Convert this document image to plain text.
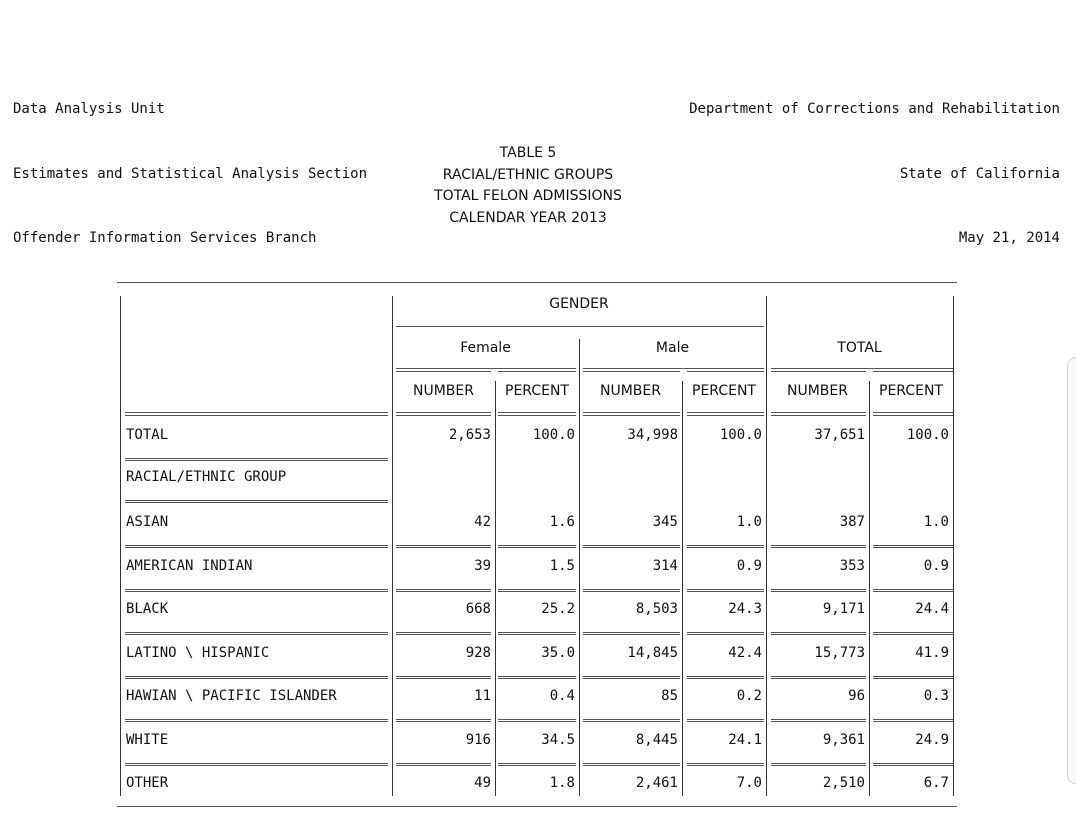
Data Analysis Unit

Estimates and Statistical Analysis Section

Offender Information Services Branch

Department of Corrections and Rehabilitation

State of California

May 21, 2014

TABLE 5
RACIAL/ETHNIC GROUPS
TOTAL FELON ADMISSIONS
CALENDAR YEAR 2013
GENDER
Female	Male	TOTAL
NUMBER	PERCENT	NUMBER	PERCENT	NUMBER	PERCENT
TOTAL	2,653	100.0	34,998	100.0	37,651	100.0
RACIAL/ETHNIC GROUP
ASIAN	42	1.6	345	1.0	387	1.0
AMERICAN INDIAN	39	1.5	314	0.9	353	0.9
BLACK	668	25.2	8,503	24.3	9,171	24.4
LATINO \ HISPANIC	928	35.0	14,845	42.4	15,773	41.9
HAWIAN \ PACIFIC ISLANDER	11	0.4	85	0.2	96	0.3
WHITE	916	34.5	8,445	24.1	9,361	24.9
OTHER	49	1.8	2,461	7.0	2,510	6.7
